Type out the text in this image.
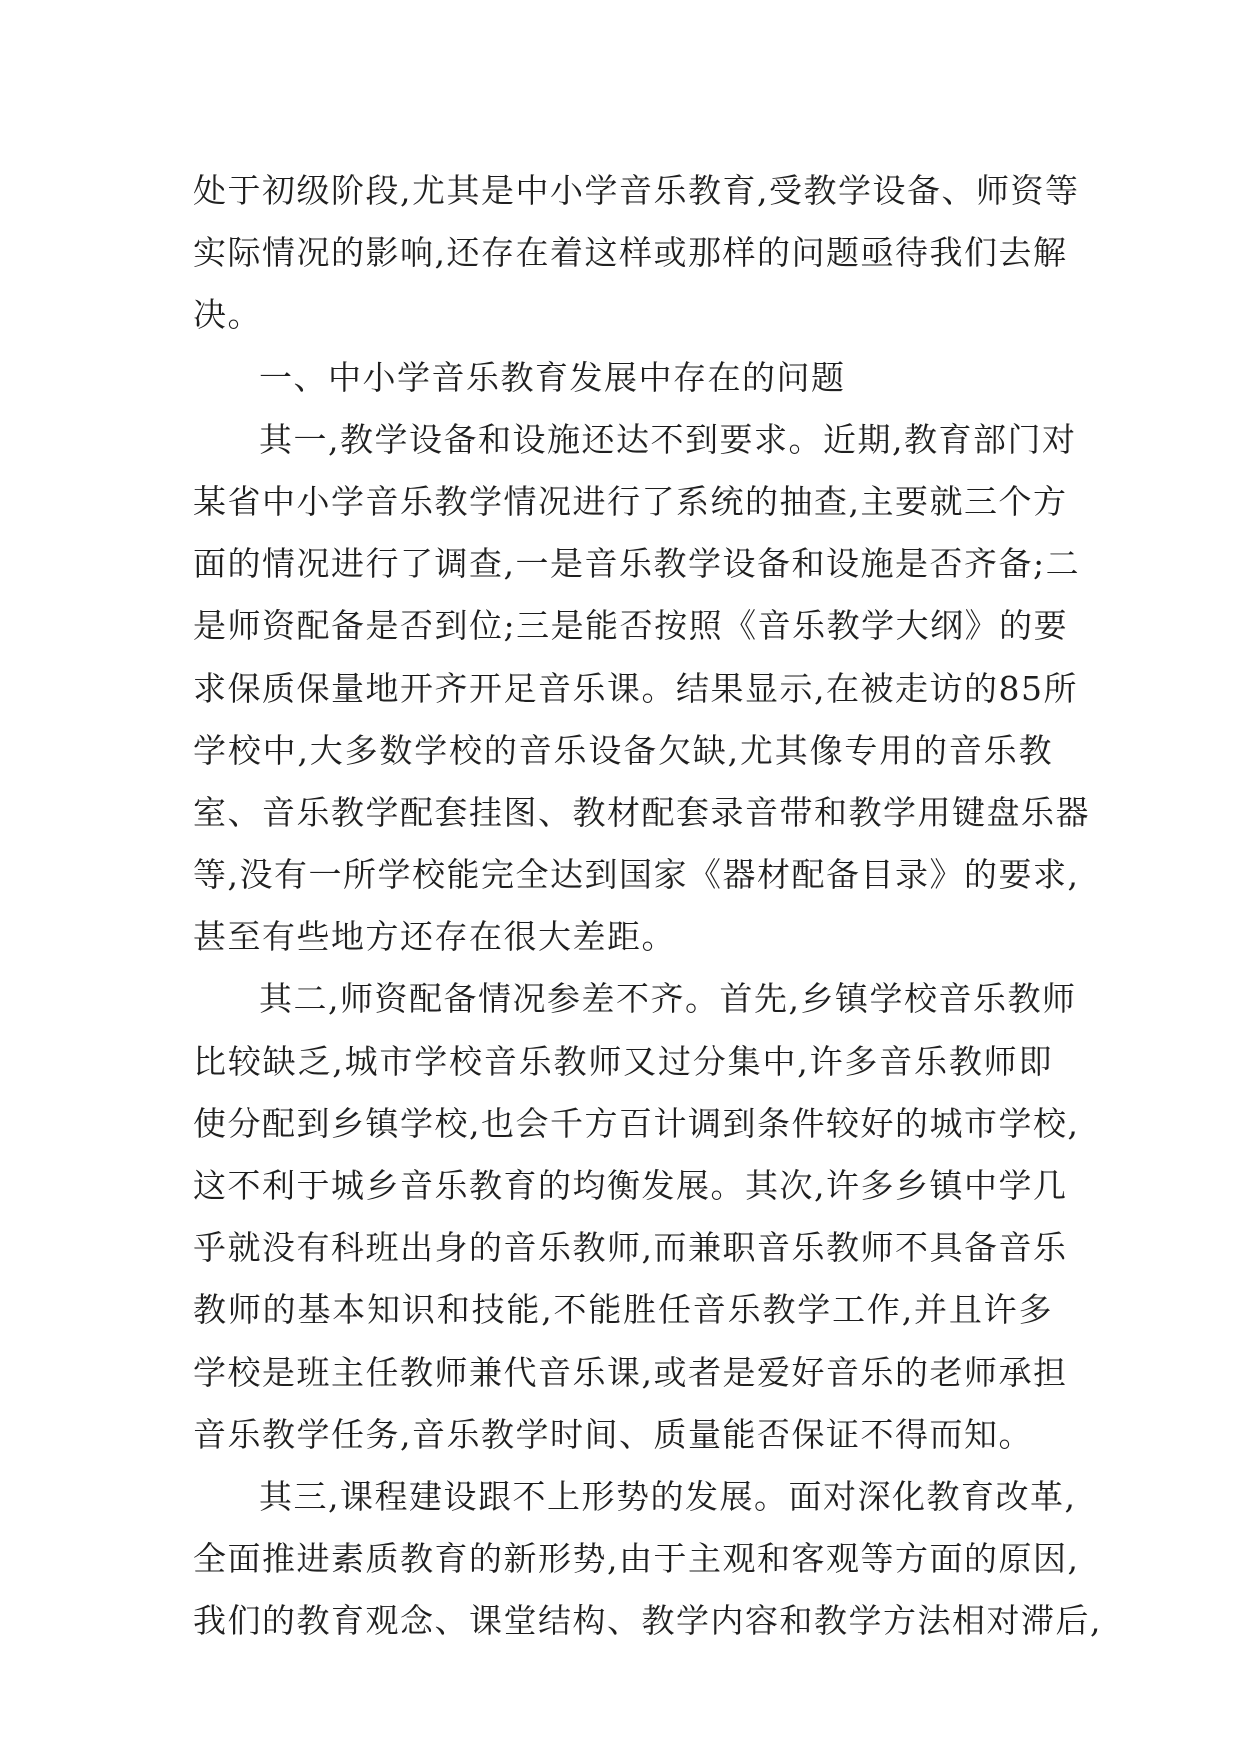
处于初级阶段,尤其是中小学音乐教育,受教学设备、师资等
实际情况的影响,还存在着这样或那样的问题亟待我们去解
决。
一、中小学音乐教育发展中存在的问题
其一,教学设备和设施还达不到要求。近期,教育部门对
某省中小学音乐教学情况进行了系统的抽查,主要就三个方
面的情况进行了调查,一是音乐教学设备和设施是否齐备;二
是师资配备是否到位;三是能否按照《音乐教学大纲》的要
求保质保量地开齐开足音乐课。结果显示,在被走访的85所
学校中,大多数学校的音乐设备欠缺,尤其像专用的音乐教
室、音乐教学配套挂图、教材配套录音带和教学用键盘乐器
等,没有一所学校能完全达到国家《器材配备目录》的要求,
甚至有些地方还存在很大差距。
其二,师资配备情况参差不齐。首先,乡镇学校音乐教师
比较缺乏,城市学校音乐教师又过分集中,许多音乐教师即
使分配到乡镇学校,也会千方百计调到条件较好的城市学校,
这不利于城乡音乐教育的均衡发展。其次,许多乡镇中学几
乎就没有科班出身的音乐教师,而兼职音乐教师不具备音乐
教师的基本知识和技能,不能胜任音乐教学工作,并且许多
学校是班主任教师兼代音乐课,或者是爱好音乐的老师承担
音乐教学任务,音乐教学时间、质量能否保证不得而知。
其三,课程建设跟不上形势的发展。面对深化教育改革,
全面推进素质教育的新形势,由于主观和客观等方面的原因,
我们的教育观念、课堂结构、教学内容和教学方法相对滞后,
